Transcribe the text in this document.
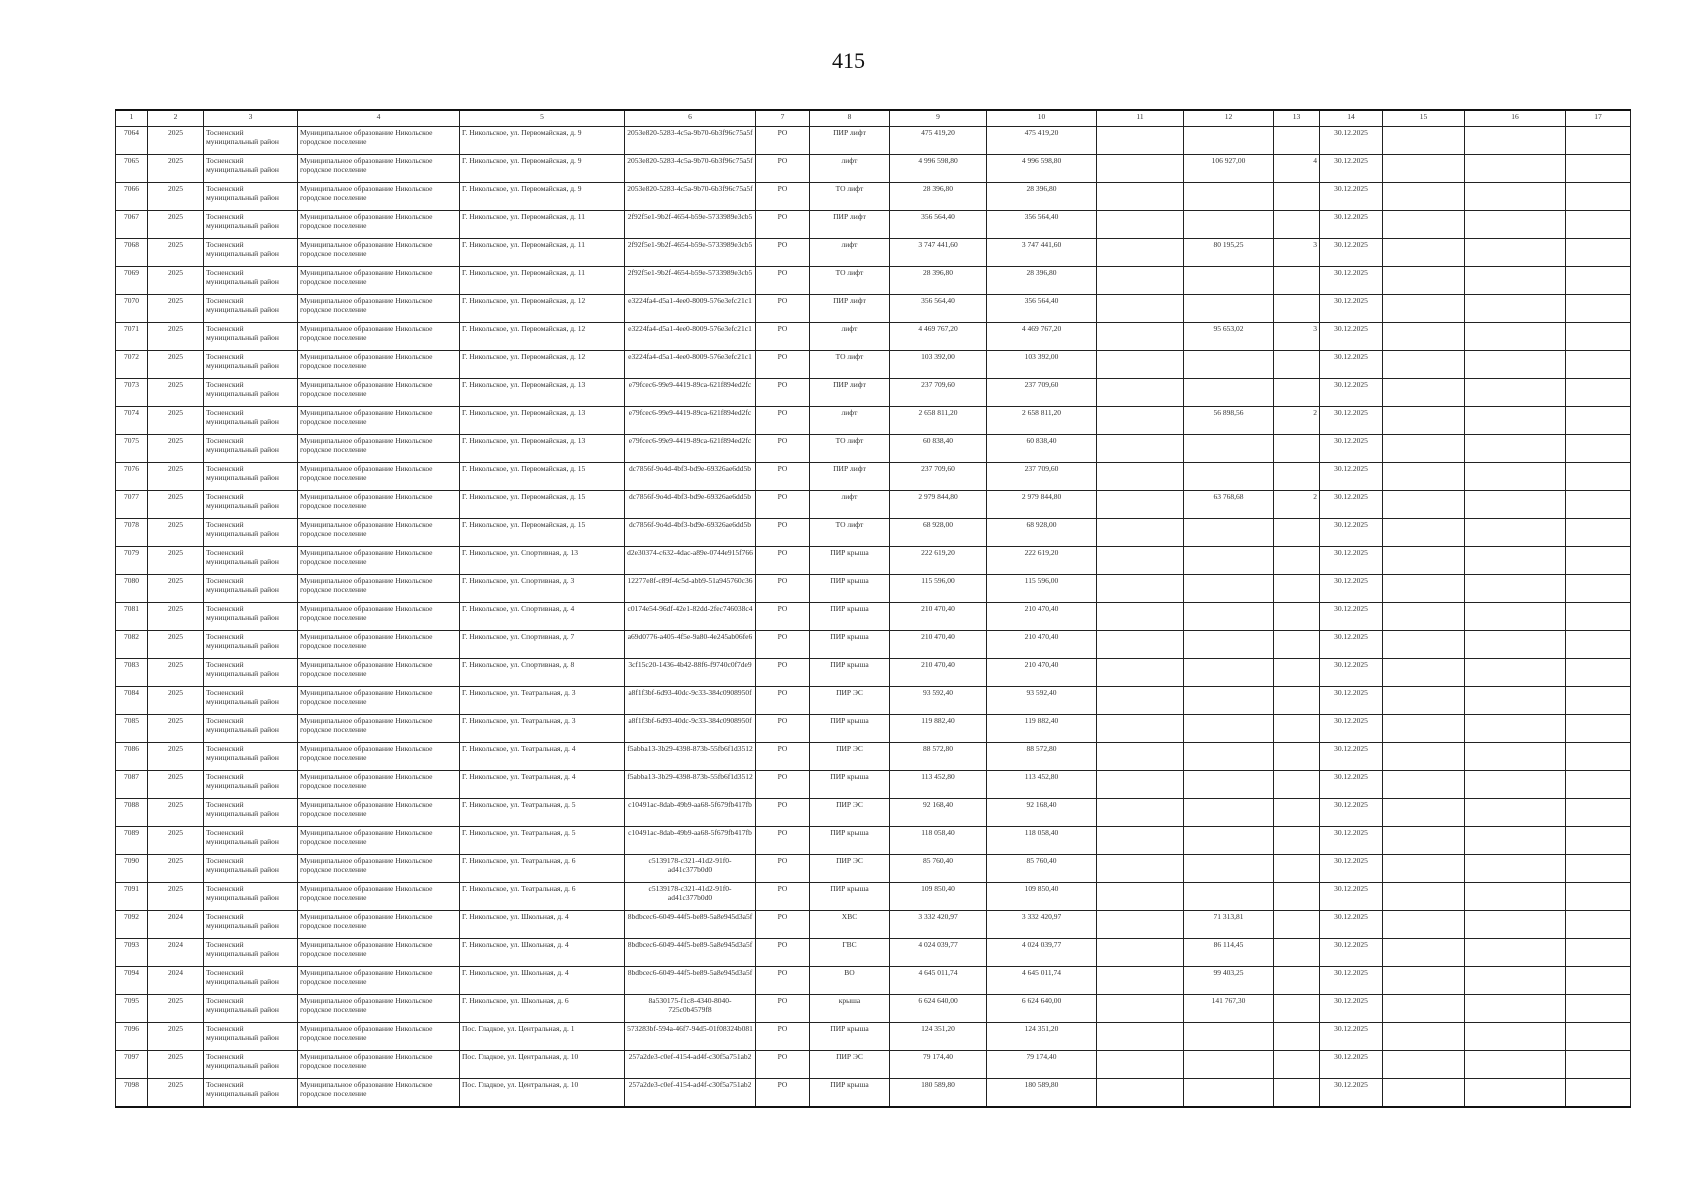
415
1	2	3	4	5	6	7	8	9	10	11	12	13	14	15	16	17
7064	2025	Тосненский муниципальный район	Муниципальное образование Никольское городское поселение	Г. Никольское, ул. Первомайская, д. 9	2053e820-5283-4c5a-9b70-6b3f96c75a5f	РО	ПИР лифт	475 419,20	475 419,20				30.12.2025			
7065	2025	Тосненский муниципальный район	Муниципальное образование Никольское городское поселение	Г. Никольское, ул. Первомайская, д. 9	2053e820-5283-4c5a-9b70-6b3f96c75a5f	РО	лифт	4 996 598,80	4 996 598,80		106 927,00	4	30.12.2025			
7066	2025	Тосненский муниципальный район	Муниципальное образование Никольское городское поселение	Г. Никольское, ул. Первомайская, д. 9	2053e820-5283-4c5a-9b70-6b3f96c75a5f	РО	ТО лифт	28 396,80	28 396,80				30.12.2025			
7067	2025	Тосненский муниципальный район	Муниципальное образование Никольское городское поселение	Г. Никольское, ул. Первомайская, д. 11	2f92f5e1-9b2f-4654-b59e-5733989e3cb5	РО	ПИР лифт	356 564,40	356 564,40				30.12.2025			
7068	2025	Тосненский муниципальный район	Муниципальное образование Никольское городское поселение	Г. Никольское, ул. Первомайская, д. 11	2f92f5e1-9b2f-4654-b59e-5733989e3cb5	РО	лифт	3 747 441,60	3 747 441,60		80 195,25	3	30.12.2025			
7069	2025	Тосненский муниципальный район	Муниципальное образование Никольское городское поселение	Г. Никольское, ул. Первомайская, д. 11	2f92f5e1-9b2f-4654-b59e-5733989e3cb5	РО	ТО лифт	28 396,80	28 396,80				30.12.2025			
7070	2025	Тосненский муниципальный район	Муниципальное образование Никольское городское поселение	Г. Никольское, ул. Первомайская, д. 12	e3224fa4-d5a1-4ee0-8009-576e3efc21c1	РО	ПИР лифт	356 564,40	356 564,40				30.12.2025			
7071	2025	Тосненский муниципальный район	Муниципальное образование Никольское городское поселение	Г. Никольское, ул. Первомайская, д. 12	e3224fa4-d5a1-4ee0-8009-576e3efc21c1	РО	лифт	4 469 767,20	4 469 767,20		95 653,02	3	30.12.2025			
7072	2025	Тосненский муниципальный район	Муниципальное образование Никольское городское поселение	Г. Никольское, ул. Первомайская, д. 12	e3224fa4-d5a1-4ee0-8009-576e3efc21c1	РО	ТО лифт	103 392,00	103 392,00				30.12.2025			
7073	2025	Тосненский муниципальный район	Муниципальное образование Никольское городское поселение	Г. Никольское, ул. Первомайская, д. 13	e79fcec6-99e9-4419-89ca-621f894ed2fc	РО	ПИР лифт	237 709,60	237 709,60				30.12.2025			
7074	2025	Тосненский муниципальный район	Муниципальное образование Никольское городское поселение	Г. Никольское, ул. Первомайская, д. 13	e79fcec6-99e9-4419-89ca-621f894ed2fc	РО	лифт	2 658 811,20	2 658 811,20		56 898,56	2	30.12.2025			
7075	2025	Тосненский муниципальный район	Муниципальное образование Никольское городское поселение	Г. Никольское, ул. Первомайская, д. 13	e79fcec6-99e9-4419-89ca-621f894ed2fc	РО	ТО лифт	60 838,40	60 838,40				30.12.2025			
7076	2025	Тосненский муниципальный район	Муниципальное образование Никольское городское поселение	Г. Никольское, ул. Первомайская, д. 15	dc7856f-9o4d-4bf3-bd9e-69326ae6dd5b	РО	ПИР лифт	237 709,60	237 709,60				30.12.2025			
7077	2025	Тосненский муниципальный район	Муниципальное образование Никольское городское поселение	Г. Никольское, ул. Первомайская, д. 15	dc7856f-9o4d-4bf3-bd9e-69326ae6dd5b	РО	лифт	2 979 844,80	2 979 844,80		63 768,68	2	30.12.2025			
7078	2025	Тосненский муниципальный район	Муниципальное образование Никольское городское поселение	Г. Никольское, ул. Первомайская, д. 15	dc7856f-9o4d-4bf3-bd9e-69326ae6dd5b	РО	ТО лифт	68 928,00	68 928,00				30.12.2025			
7079	2025	Тосненский муниципальный район	Муниципальное образование Никольское городское поселение	Г. Никольское, ул. Спортивная, д. 13	d2e30374-c632-4dac-a89e-0744e915f766	РО	ПИР крыша	222 619,20	222 619,20				30.12.2025			
7080	2025	Тосненский муниципальный район	Муниципальное образование Никольское городское поселение	Г. Никольское, ул. Спортивная, д. 3	12277e8f-c89f-4c5d-abb9-51a945760c36	РО	ПИР крыша	115 596,00	115 596,00				30.12.2025			
7081	2025	Тосненский муниципальный район	Муниципальное образование Никольское городское поселение	Г. Никольское, ул. Спортивная, д. 4	c0174e54-96df-42e1-82dd-2fec746038c4	РО	ПИР крыша	210 470,40	210 470,40				30.12.2025			
7082	2025	Тосненский муниципальный район	Муниципальное образование Никольское городское поселение	Г. Никольское, ул. Спортивная, д. 7	a69d0776-a405-4f5e-9a80-4e245ab06fe6	РО	ПИР крыша	210 470,40	210 470,40				30.12.2025			
7083	2025	Тосненский муниципальный район	Муниципальное образование Никольское городское поселение	Г. Никольское, ул. Спортивная, д. 8	3cf15c20-1436-4b42-88f6-f9740c0f7de9	РО	ПИР крыша	210 470,40	210 470,40				30.12.2025			
7084	2025	Тосненский муниципальный район	Муниципальное образование Никольское городское поселение	Г. Никольское, ул. Театральная, д. 3	a8f1f3bf-6d93-40dc-9c33-384c0908950f	РО	ПИР ЭС	93 592,40	93 592,40				30.12.2025			
7085	2025	Тосненский муниципальный район	Муниципальное образование Никольское городское поселение	Г. Никольское, ул. Театральная, д. 3	a8f1f3bf-6d93-40dc-9c33-384c0908950f	РО	ПИР крыша	119 882,40	119 882,40				30.12.2025			
7086	2025	Тосненский муниципальный район	Муниципальное образование Никольское городское поселение	Г. Никольское, ул. Театральная, д. 4	f5abba13-3b29-4398-873b-55fb6f1d3512	РО	ПИР ЭС	88 572,80	88 572,80				30.12.2025			
7087	2025	Тосненский муниципальный район	Муниципальное образование Никольское городское поселение	Г. Никольское, ул. Театральная, д. 4	f5abba13-3b29-4398-873b-55fb6f1d3512	РО	ПИР крыша	113 452,80	113 452,80				30.12.2025			
7088	2025	Тосненский муниципальный район	Муниципальное образование Никольское городское поселение	Г. Никольское, ул. Театральная, д. 5	c10491ac-8dab-49b9-aa68-5f679fb417fb	РО	ПИР ЭС	92 168,40	92 168,40				30.12.2025			
7089	2025	Тосненский муниципальный район	Муниципальное образование Никольское городское поселение	Г. Никольское, ул. Театральная, д. 5	c10491ac-8dab-49b9-aa68-5f679fb417fb	РО	ПИР крыша	118 058,40	118 058,40				30.12.2025			
7090	2025	Тосненский муниципальный район	Муниципальное образование Никольское городское поселение	Г. Никольское, ул. Театральная, д. 6	c5139178-c321-41d2-91f0-ad41c377b0d0	РО	ПИР ЭС	85 760,40	85 760,40				30.12.2025			
7091	2025	Тосненский муниципальный район	Муниципальное образование Никольское городское поселение	Г. Никольское, ул. Театральная, д. 6	c5139178-c321-41d2-91f0-ad41c377b0d0	РО	ПИР крыша	109 850,40	109 850,40				30.12.2025			
7092	2024	Тосненский муниципальный район	Муниципальное образование Никольское городское поселение	Г. Никольское, ул. Школьная, д. 4	8bdbcec6-6049-44f5-be89-5a8e945d3a5f	РО	ХВС	3 332 420,97	3 332 420,97		71 313,81		30.12.2025			
7093	2024	Тосненский муниципальный район	Муниципальное образование Никольское городское поселение	Г. Никольское, ул. Школьная, д. 4	8bdbcec6-6049-44f5-be89-5a8e945d3a5f	РО	ГВС	4 024 039,77	4 024 039,77		86 114,45		30.12.2025			
7094	2024	Тосненский муниципальный район	Муниципальное образование Никольское городское поселение	Г. Никольское, ул. Школьная, д. 4	8bdbcec6-6049-44f5-be89-5a8e945d3a5f	РО	ВО	4 645 011,74	4 645 011,74		99 403,25		30.12.2025			
7095	2025	Тосненский муниципальный район	Муниципальное образование Никольское городское поселение	Г. Никольское, ул. Школьная, д. 6	8a530175-f1c8-4340-8040-725c0b4579f8	РО	крыша	6 624 640,00	6 624 640,00		141 767,30		30.12.2025			
7096	2025	Тосненский муниципальный район	Муниципальное образование Никольское городское поселение	Пос. Гладкое, ул. Центральная, д. 1	573283bf-594a-46f7-94d5-01f08324b081	РО	ПИР крыша	124 351,20	124 351,20				30.12.2025			
7097	2025	Тосненский муниципальный район	Муниципальное образование Никольское городское поселение	Пос. Гладкое, ул. Центральная, д. 10	257a2de3-c0ef-4154-ad4f-c30f5a751ab2	РО	ПИР ЭС	79 174,40	79 174,40				30.12.2025			
7098	2025	Тосненский муниципальный район	Муниципальное образование Никольское городское поселение	Пос. Гладкое, ул. Центральная, д. 10	257a2de3-c0ef-4154-ad4f-c30f5a751ab2	РО	ПИР крыша	180 589,80	180 589,80				30.12.2025			
